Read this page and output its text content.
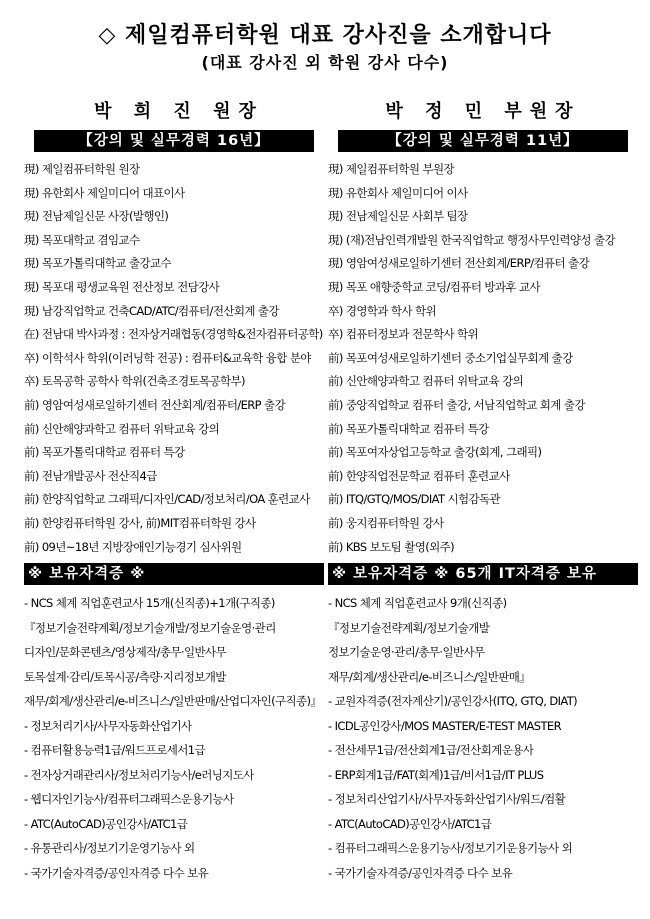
◇ 제일컴퓨터학원 대표 강사진을 소개합니다
(대표 강사진 외 학원 강사 다수)
박 희 진 원장
【강의 및 실무경력 16년】
現) 제일컴퓨터학원 원장
現) 유한회사 제일미디어 대표이사
現) 전남제일신문 사장(발행인)
現) 목포대학교 겸임교수
現) 목포가톨릭대학교 출강교수
現) 목포대 평생교육원 전산정보 전담강사
現) 남강직업학교 건축CAD/ATC/컴퓨터/전산회계 출강
在) 전남대 박사과정 : 전자상거래협동(경영학&전자컴퓨터공학)
卒) 이학석사 학위(이러닝학 전공) : 컴퓨터&교육학 융합 분야
卒) 토목공학 공학사 학위(건축조경토목공학부)
前) 영암여성새로일하기센터 전산회계/컴퓨터/ERP 출강
前) 신안해양과학고 컴퓨터 위탁교육 강의
前) 목포가톨릭대학교 컴퓨터 특강
前) 전남개발공사 전산직4급
前) 한양직업학교 그래픽/디자인/CAD/정보처리/OA 훈련교사
前) 한양컴퓨터학원 강사, 前)MIT컴퓨터학원 강사
前) 09년~18년 지방장애인기능경기 심사위원
※ 보유자격증 ※
- NCS 체계 직업훈련교사 15개(신직종)+1개(구직종)
『정보기술전략계획/정보기술개발/정보기술운영·관리
디자인/문화콘텐츠/영상제작/총무·일반사무
토목설계·감리/토목시공/측량·지리정보개발
재무/회계/생산관리/e-비즈니스/일반판매/산업디자인(구직종)』
- 정보처리기사/사무자동화산업기사
- 컴퓨터활용능력1급/워드프로세서1급
- 전자상거래관리사/정보처리기능사/e러닝지도사
- 웹디자인기능사/컴퓨터그래픽스운용기능사
- ATC(AutoCAD)공인강사/ATC1급
- 유통관리사/정보기기운영기능사 외
- 국가기술자격증/공인자격증 다수 보유
박 정 민 부원장
【강의 및 실무경력 11년】
現) 제일컴퓨터학원 부원장
現) 유한회사 제일미디어 이사
現) 전남제일신문 사회부 팀장
現) (재)전남인력개발원 한국직업학교 행정사무인력양성 출강
現) 영암여성새로일하기센터 전산회계/ERP/컴퓨터 출강
現) 목포 애향중학교 코딩/컴퓨터 방과후 교사
卒) 경영학과 학사 학위
卒) 컴퓨터정보과 전문학사 학위
前) 목포여성새로일하기센터 중소기업실무회계 출강
前) 신안해양과학고 컴퓨터 위탁교육 강의
前) 중앙직업학교 컴퓨터 출강, 서남직업학교 회계 출강
前) 목포가톨릭대학교 컴퓨터 특강
前) 목포여자상업고등학교 출강(회계, 그래픽)
前) 한양직업전문학교 컴퓨터 훈련교사
前) ITQ/GTQ/MOS/DIAT 시험감독관
前) 웅지컴퓨터학원 강사
前) KBS 보도팀 촬영(외주)
※ 보유자격증 ※ 65개 IT자격증 보유
- NCS 체계 직업훈련교사 9개(신직종)
『정보기술전략계획/정보기술개발
정보기술운영·관리/총무·일반사무
재무/회계/생산관리/e-비즈니스/일반판매』
- 교원자격증(전자계산기)/공인강사(ITQ, GTQ, DIAT)
- ICDL공인강사/MOS MASTER/E-TEST MASTER
- 전산세무1급/전산회계1급/전산회계운용사
- ERP회계1급/FAT(회계)1급/비서1급/IT PLUS
- 정보처리산업기사/사무자동화산업기사/워드/컴활
- ATC(AutoCAD)공인강사/ATC1급
- 컴퓨터그래픽스운용기능사/정보기기운용기능사 외
- 국가기술자격증/공인자격증 다수 보유
